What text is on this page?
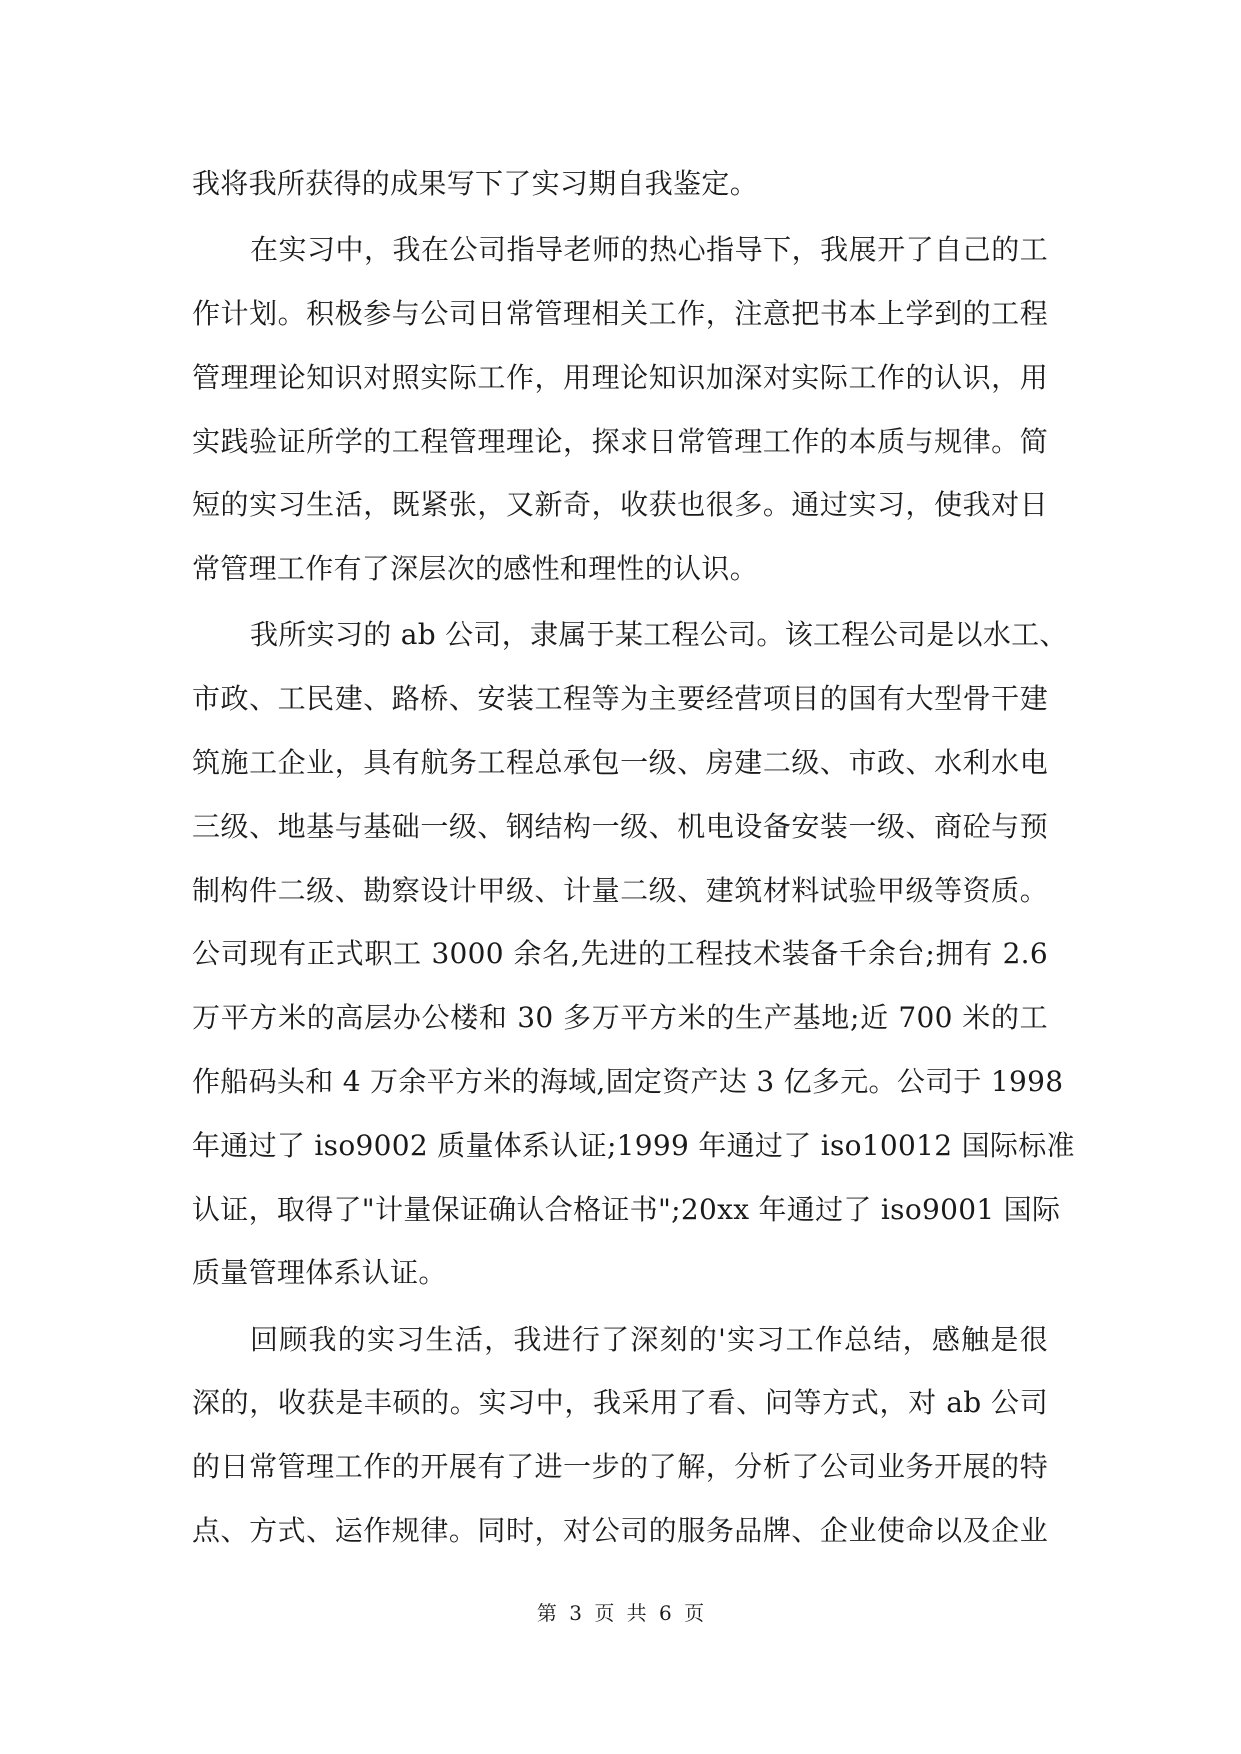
我将我所获得的成果写下了实习期自我鉴定。
在实习中，我在公司指导老师的热心指导下，我展开了自己的工
作计划。积极参与公司日常管理相关工作，注意把书本上学到的工程
管理理论知识对照实际工作，用理论知识加深对实际工作的认识，用
实践验证所学的工程管理理论，探求日常管理工作的本质与规律。简
短的实习生活，既紧张，又新奇，收获也很多。通过实习，使我对日
常管理工作有了深层次的感性和理性的认识。
我所实习的 ab 公司，隶属于某工程公司。该工程公司是以水工、
市政、工民建、路桥、安装工程等为主要经营项目的国有大型骨干建
筑施工企业，具有航务工程总承包一级、房建二级、市政、水利水电
三级、地基与基础一级、钢结构一级、机电设备安装一级、商砼与预
制构件二级、勘察设计甲级、计量二级、建筑材料试验甲级等资质。
公司现有正式职工 3000 余名,先进的工程技术装备千余台;拥有 2.6
万平方米的高层办公楼和 30 多万平方米的生产基地;近 700 米的工
作船码头和 4 万余平方米的海域,固定资产达 3 亿多元。公司于 1998
年通过了 iso9002 质量体系认证;1999 年通过了 iso10012 国际标准
认证，取得了"计量保证确认合格证书";20xx 年通过了 iso9001 国际
质量管理体系认证。
回顾我的实习生活，我进行了深刻的'实习工作总结，感触是很
深的，收获是丰硕的。实习中，我采用了看、问等方式，对 ab 公司
的日常管理工作的开展有了进一步的了解，分析了公司业务开展的特
点、方式、运作规律。同时，对公司的服务品牌、企业使命以及企业
第 3 页 共 6 页
